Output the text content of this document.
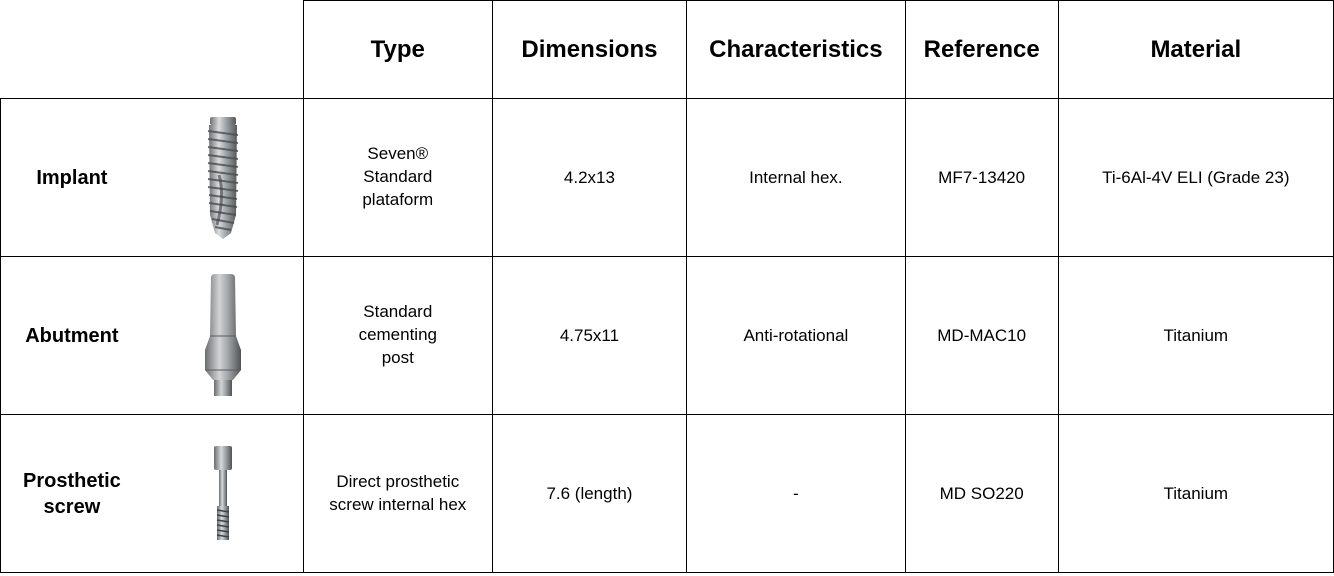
		Type	Dimensions	Characteristics	Reference	Material
Implant		Seven® Standard plataform	4.2x13	Internal hex.	MF7-13420	Ti-6Al-4V ELI (Grade 23)
Abutment		Standard cementing post	4.75x11	Anti-rotational	MD-MAC10	Titanium

Prosthetic screw		Direct prosthetic screw internal hex	7.6 (length)	-	MD SO220	Titanium
